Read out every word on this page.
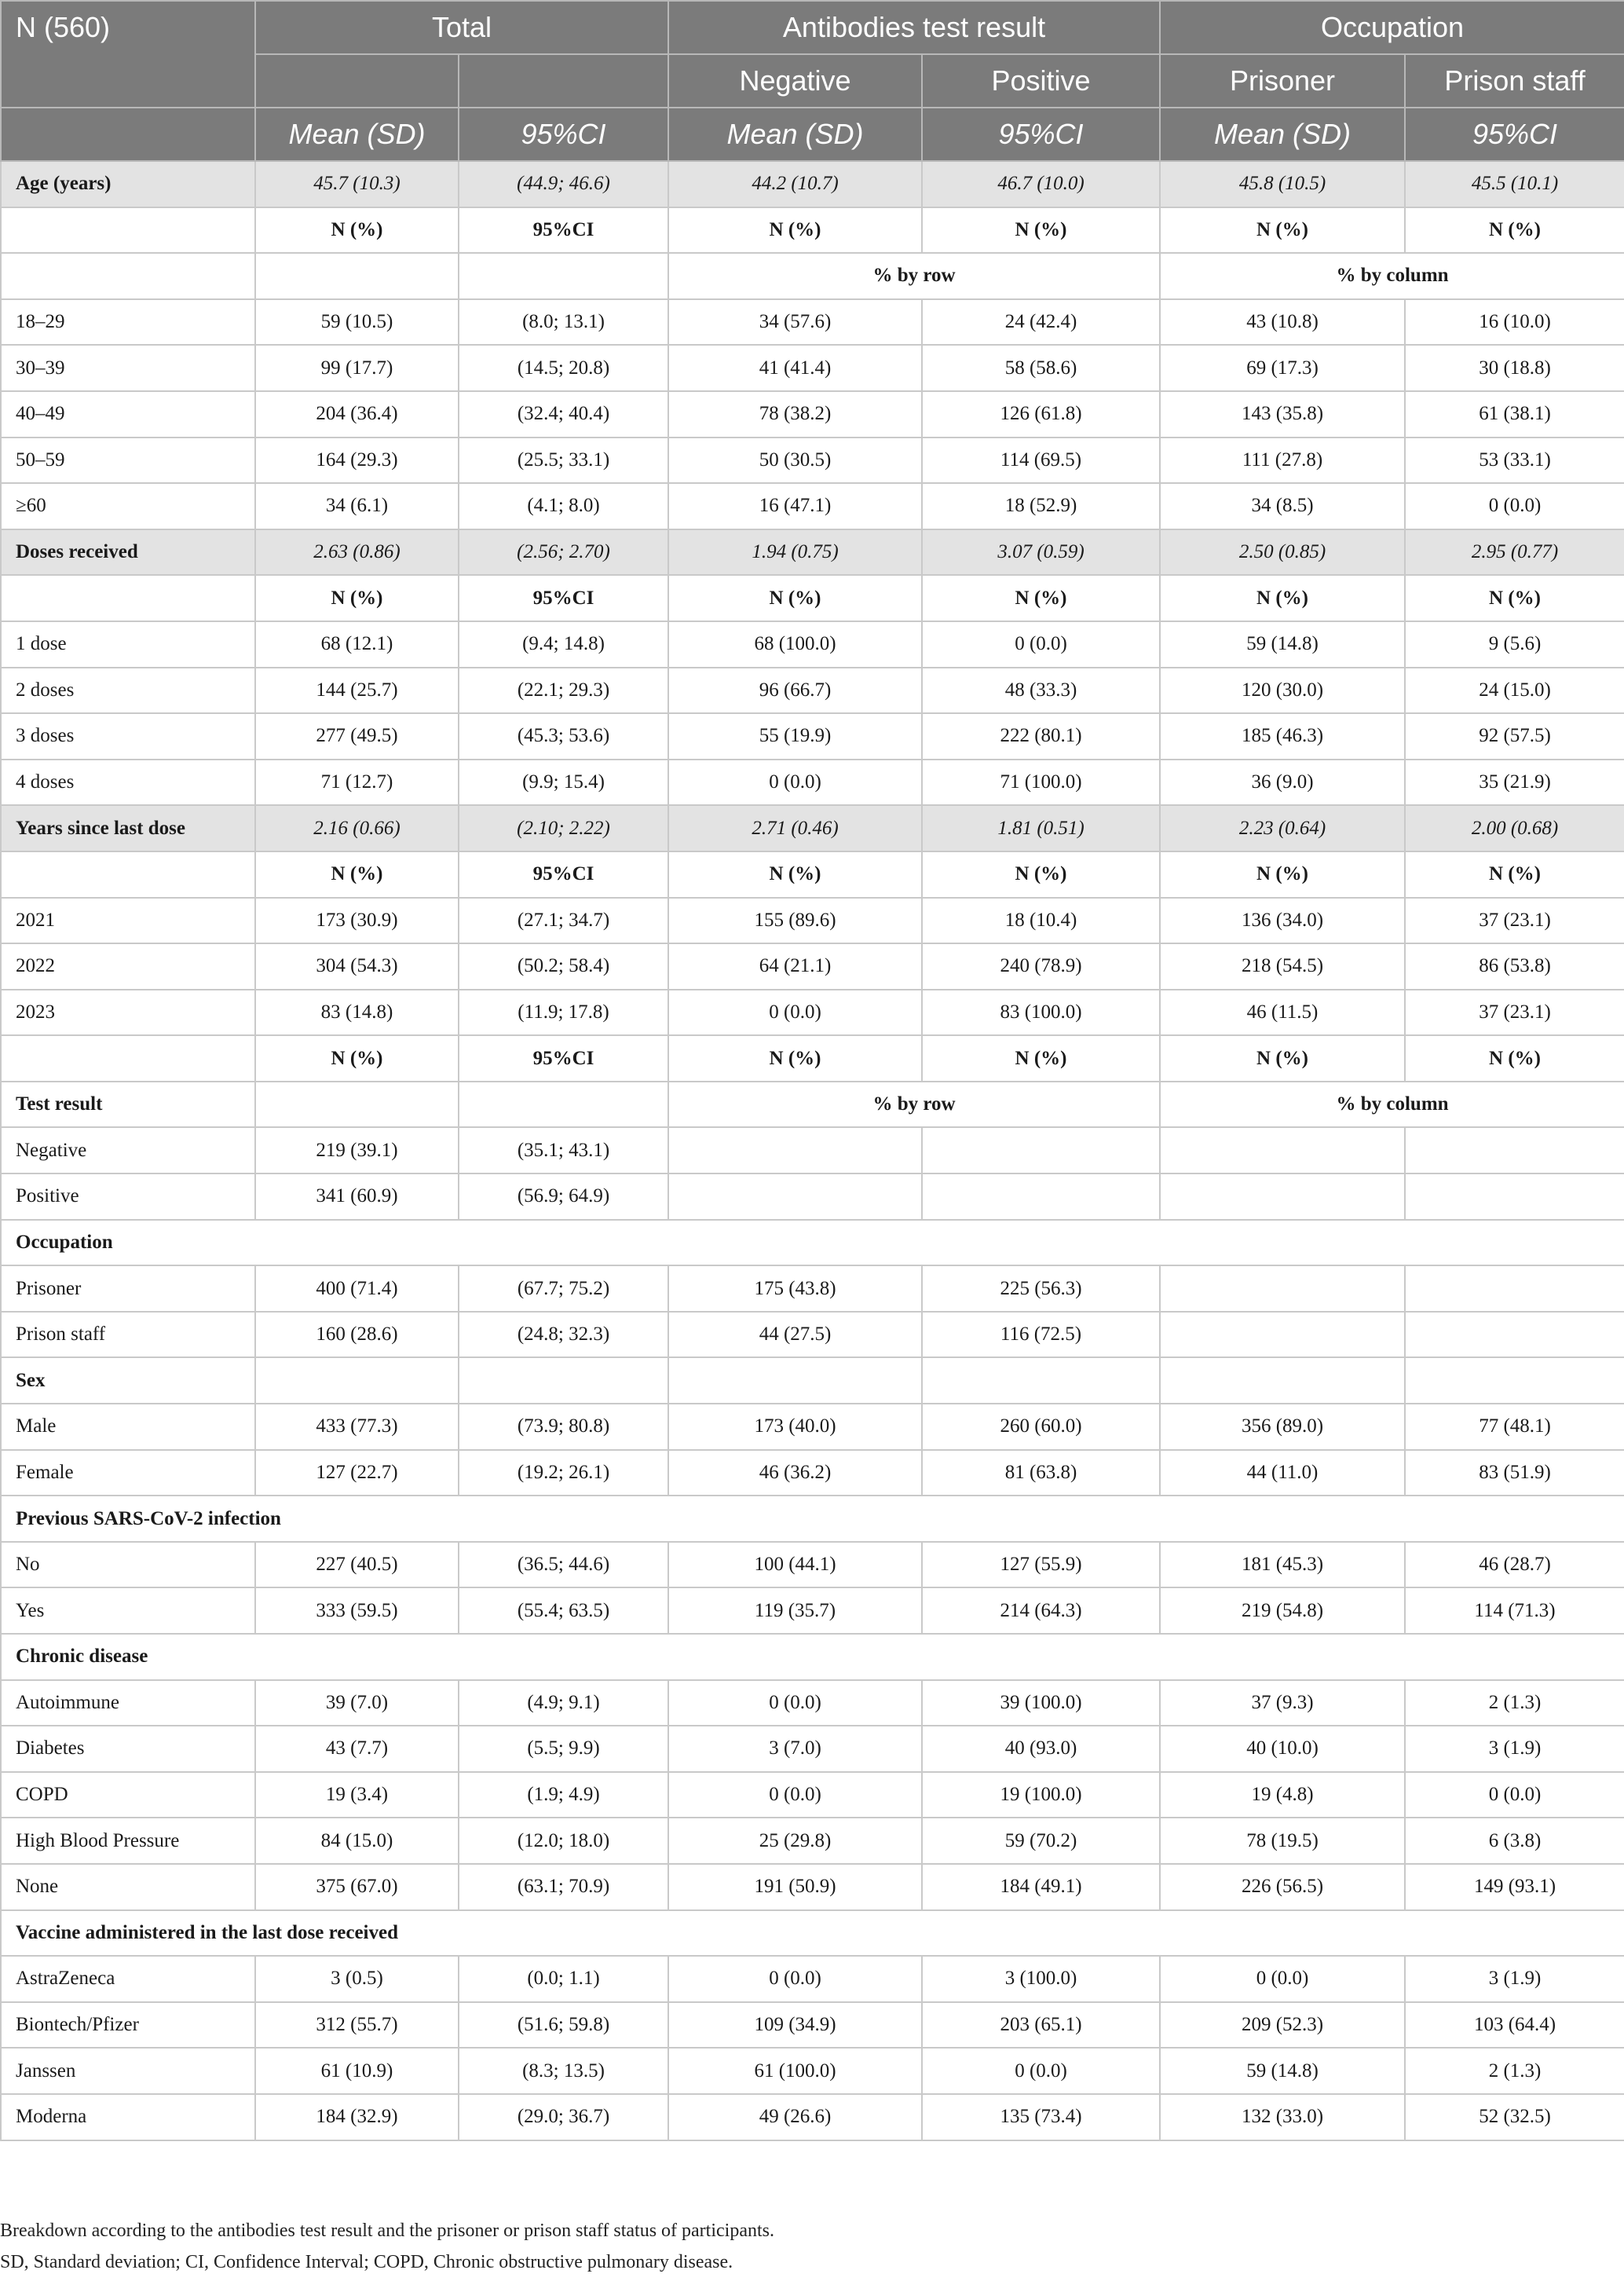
N (560)	Total		Antibodies test result		Occupation	
			Negative	Positive	Prisoner	Prison staff
	Mean (SD)	95%CI	Mean (SD)	95%CI	Mean (SD)	95%CI
Age (years)	45.7 (10.3)	(44.9; 46.6)	44.2 (10.7)	46.7 (10.0)	45.8 (10.5)	45.5 (10.1)
	N (%)	95%CI	N (%)	N (%)	N (%)	N (%)
			% by row		% by column	
18–29	59 (10.5)	(8.0; 13.1)	34 (57.6)	24 (42.4)	43 (10.8)	16 (10.0)
30–39	99 (17.7)	(14.5; 20.8)	41 (41.4)	58 (58.6)	69 (17.3)	30 (18.8)
40–49	204 (36.4)	(32.4; 40.4)	78 (38.2)	126 (61.8)	143 (35.8)	61 (38.1)
50–59	164 (29.3)	(25.5; 33.1)	50 (30.5)	114 (69.5)	111 (27.8)	53 (33.1)
≥60	34 (6.1)	(4.1; 8.0)	16 (47.1)	18 (52.9)	34 (8.5)	0 (0.0)
Doses received	2.63 (0.86)	(2.56; 2.70)	1.94 (0.75)	3.07 (0.59)	2.50 (0.85)	2.95 (0.77)
	N (%)	95%CI	N (%)	N (%)	N (%)	N (%)
1 dose	68 (12.1)	(9.4; 14.8)	68 (100.0)	0 (0.0)	59 (14.8)	9 (5.6)
2 doses	144 (25.7)	(22.1; 29.3)	96 (66.7)	48 (33.3)	120 (30.0)	24 (15.0)
3 doses	277 (49.5)	(45.3; 53.6)	55 (19.9)	222 (80.1)	185 (46.3)	92 (57.5)
4 doses	71 (12.7)	(9.9; 15.4)	0 (0.0)	71 (100.0)	36 (9.0)	35 (21.9)
Years since last dose	2.16 (0.66)	(2.10; 2.22)	2.71 (0.46)	1.81 (0.51)	2.23 (0.64)	2.00 (0.68)
	N (%)	95%CI	N (%)	N (%)	N (%)	N (%)
2021	173 (30.9)	(27.1; 34.7)	155 (89.6)	18 (10.4)	136 (34.0)	37 (23.1)
2022	304 (54.3)	(50.2; 58.4)	64 (21.1)	240 (78.9)	218 (54.5)	86 (53.8)
2023	83 (14.8)	(11.9; 17.8)	0 (0.0)	83 (100.0)	46 (11.5)	37 (23.1)
	N (%)	95%CI	N (%)	N (%)	N (%)	N (%)
Test result			% by row		% by column	
Negative	219 (39.1)	(35.1; 43.1)				
Positive	341 (60.9)	(56.9; 64.9)				
Occupation						
Prisoner	400 (71.4)	(67.7; 75.2)	175 (43.8)	225 (56.3)		
Prison staff	160 (28.6)	(24.8; 32.3)	44 (27.5)	116 (72.5)		
Sex						
Male	433 (77.3)	(73.9; 80.8)	173 (40.0)	260 (60.0)	356 (89.0)	77 (48.1)
Female	127 (22.7)	(19.2; 26.1)	46 (36.2)	81 (63.8)	44 (11.0)	83 (51.9)
Previous SARS-CoV-2 infection						
No	227 (40.5)	(36.5; 44.6)	100 (44.1)	127 (55.9)	181 (45.3)	46 (28.7)
Yes	333 (59.5)	(55.4; 63.5)	119 (35.7)	214 (64.3)	219 (54.8)	114 (71.3)
Chronic disease						
Autoimmune	39 (7.0)	(4.9; 9.1)	0 (0.0)	39 (100.0)	37 (9.3)	2 (1.3)
Diabetes	43 (7.7)	(5.5; 9.9)	3 (7.0)	40 (93.0)	40 (10.0)	3 (1.9)
COPD	19 (3.4)	(1.9; 4.9)	0 (0.0)	19 (100.0)	19 (4.8)	0 (0.0)
High Blood Pressure	84 (15.0)	(12.0; 18.0)	25 (29.8)	59 (70.2)	78 (19.5)	6 (3.8)
None	375 (67.0)	(63.1; 70.9)	191 (50.9)	184 (49.1)	226 (56.5)	149 (93.1)
Vaccine administered in the last dose received						
AstraZeneca	3 (0.5)	(0.0; 1.1)	0 (0.0)	3 (100.0)	0 (0.0)	3 (1.9)
Biontech/Pfizer	312 (55.7)	(51.6; 59.8)	109 (34.9)	203 (65.1)	209 (52.3)	103 (64.4)
Janssen	61 (10.9)	(8.3; 13.5)	61 (100.0)	0 (0.0)	59 (14.8)	2 (1.3)
Moderna	184 (32.9)	(29.0; 36.7)	49 (26.6)	135 (73.4)	132 (33.0)	52 (32.5)
Breakdown according to the antibodies test result and the prisoner or prison staff status of participants.
SD, Standard deviation; CI, Confidence Interval; COPD, Chronic obstructive pulmonary disease.
